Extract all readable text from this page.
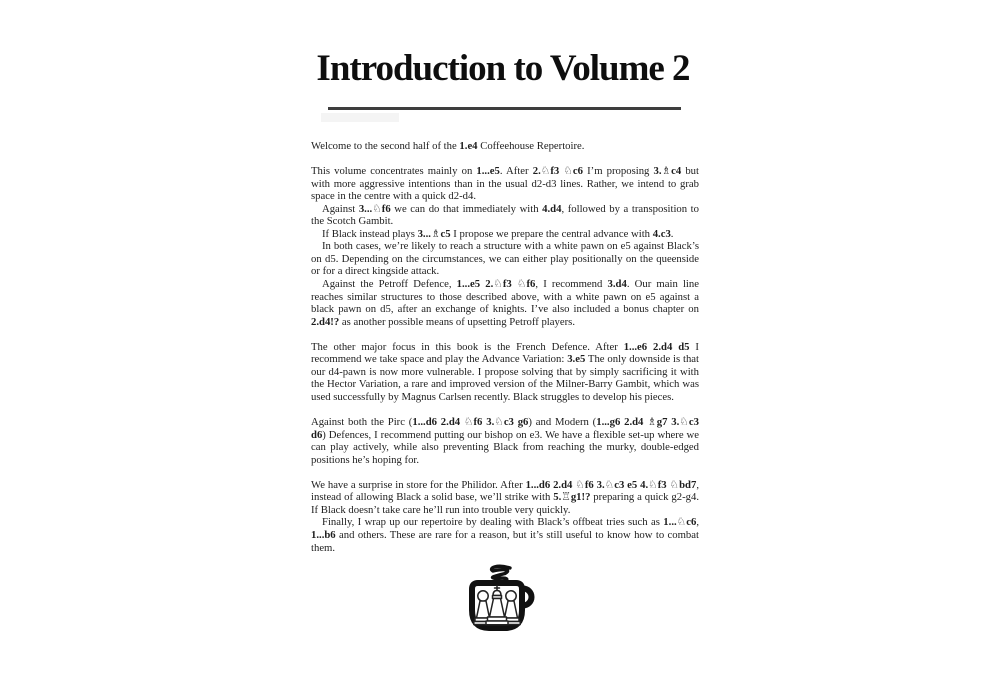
Introduction to Volume 2

Welcome to the second half of the 1.e4 Coffeehouse Repertoire.

This volume concentrates mainly on 1...e5. After 2.♘f3 ♘c6 I’m proposing 3.♗c4 but with more aggressive intentions than in the usual d2-d3 lines. Rather, we intend to grab space in the centre with a quick d2-d4.

Against 3...♘f6 we can do that immediately with 4.d4, followed by a transposition to the Scotch Gambit.

If Black instead plays 3...♗c5 I propose we prepare the central advance with 4.c3.

In both cases, we’re likely to reach a structure with a white pawn on e5 against Black’s on d5. Depending on the circumstances, we can either play positionally on the queenside or for a direct kingside attack.

Against the Petroff Defence, 1...e5 2.♘f3 ♘f6, I recommend 3.d4. Our main line reaches similar structures to those described above, with a white pawn on e5 against a black pawn on d5, after an exchange of knights. I’ve also included a bonus chapter on 2.d4!? as another possible means of upsetting Petroff players.

The other major focus in this book is the French Defence. After 1...e6 2.d4 d5 I recommend we take space and play the Advance Variation: 3.e5 The only downside is that our d4-pawn is now more vulnerable. I propose solving that by simply sacrificing it with the Hector Variation, a rare and improved version of the Milner-Barry Gambit, which was used successfully by Magnus Carlsen recently. Black struggles to develop his pieces.

Against both the Pirc (1...d6 2.d4 ♘f6 3.♘c3 g6) and Modern (1...g6 2.d4 ♗g7 3.♘c3 d6) Defences, I recommend putting our bishop on e3. We have a flexible set-up where we can play actively, while also preventing Black from reaching the murky, double-edged positions he’s hoping for.

We have a surprise in store for the Philidor. After 1...d6 2.d4 ♘f6 3.♘c3 e5 4.♘f3 ♘bd7, instead of allowing Black a solid base, we’ll strike with 5.♖g1!? preparing a quick g2-g4. If Black doesn’t take care he’ll run into trouble very quickly.

Finally, I wrap up our repertoire by dealing with Black’s offbeat tries such as 1...♘c6, 1...b6 and others. These are rare for a reason, but it’s still useful to know how to combat them.
